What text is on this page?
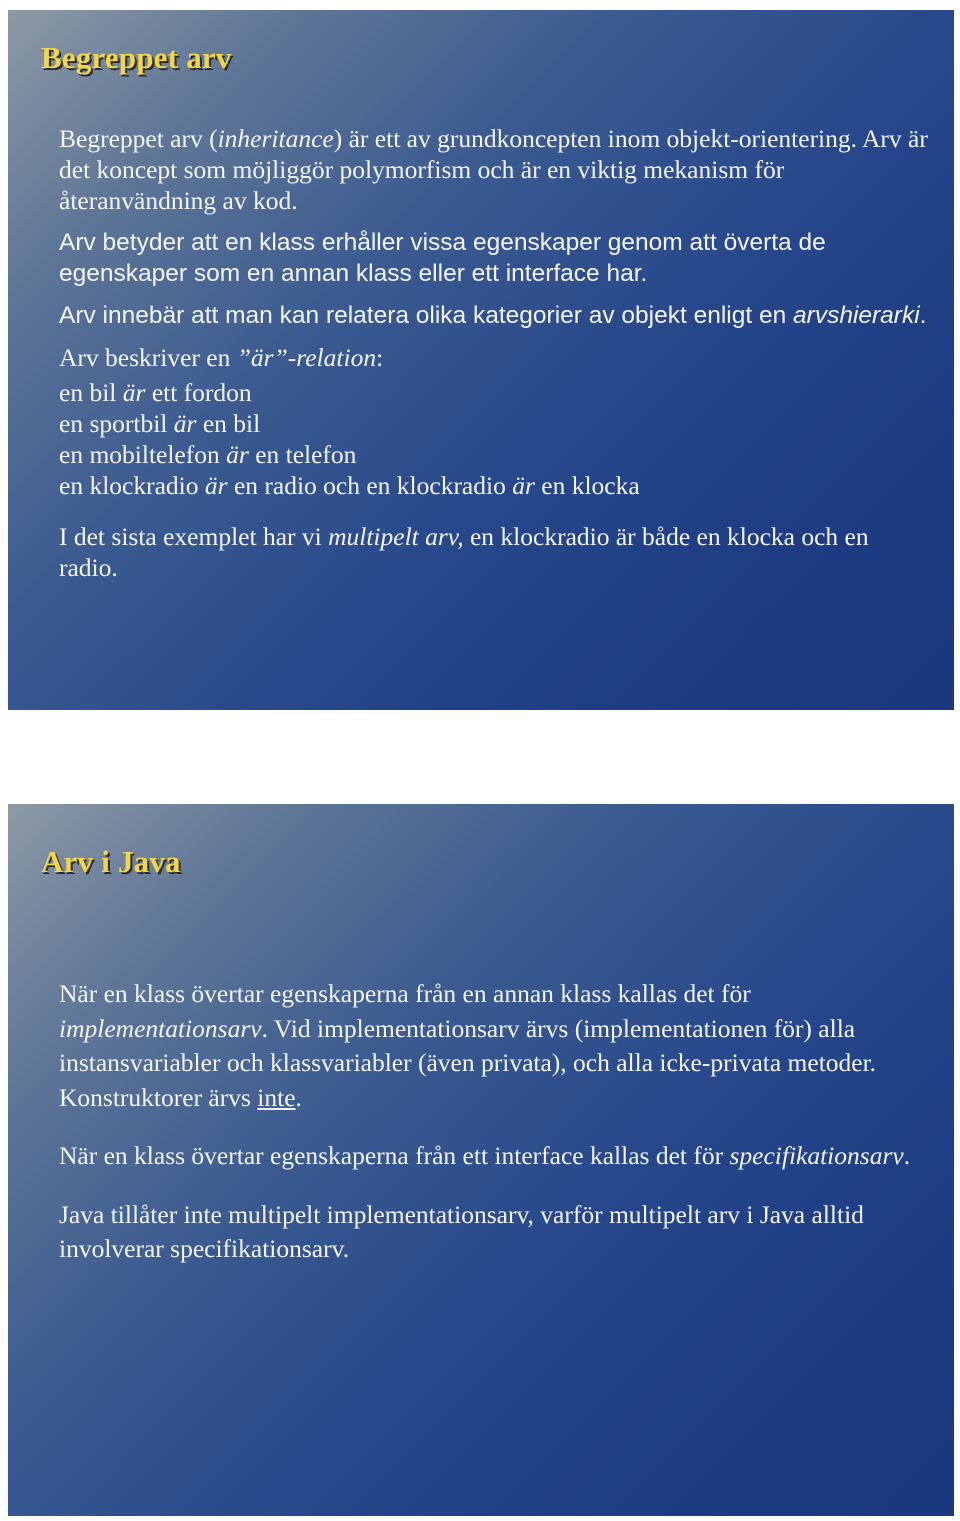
Begreppet arv

Begreppet arv (inheritance) är ett av grundkoncepten inom objekt-orientering. Arv är det koncept som möjliggör polymorfism och är en viktig mekanism för återanvändning av kod.

Arv betyder att en klass erhåller vissa egenskaper genom att överta de egenskaper som en annan klass eller ett interface har.

Arv innebär att man kan relatera olika kategorier av objekt enligt en arvshierarki.

Arv beskriver en ”är”-relation:

en bil är ett fordon
en sportbil är en bil
en mobiltelefon är en telefon
en klockradio är en radio och en klockradio är en klocka

I det sista exemplet har vi multipelt arv, en klockradio är både en klocka och en radio.

Arv i Java

När en klass övertar egenskaperna från en annan klass kallas det för implementationsarv. Vid implementationsarv ärvs (implementationen för) alla instansvariabler och klassvariabler (även privata), och alla icke-privata metoder. Konstruktorer ärvs inte.

När en klass övertar egenskaperna från ett interface kallas det för specifikationsarv.

Java tillåter inte multipelt implementationsarv, varför multipelt arv i Java alltid involverar specifikationsarv.
